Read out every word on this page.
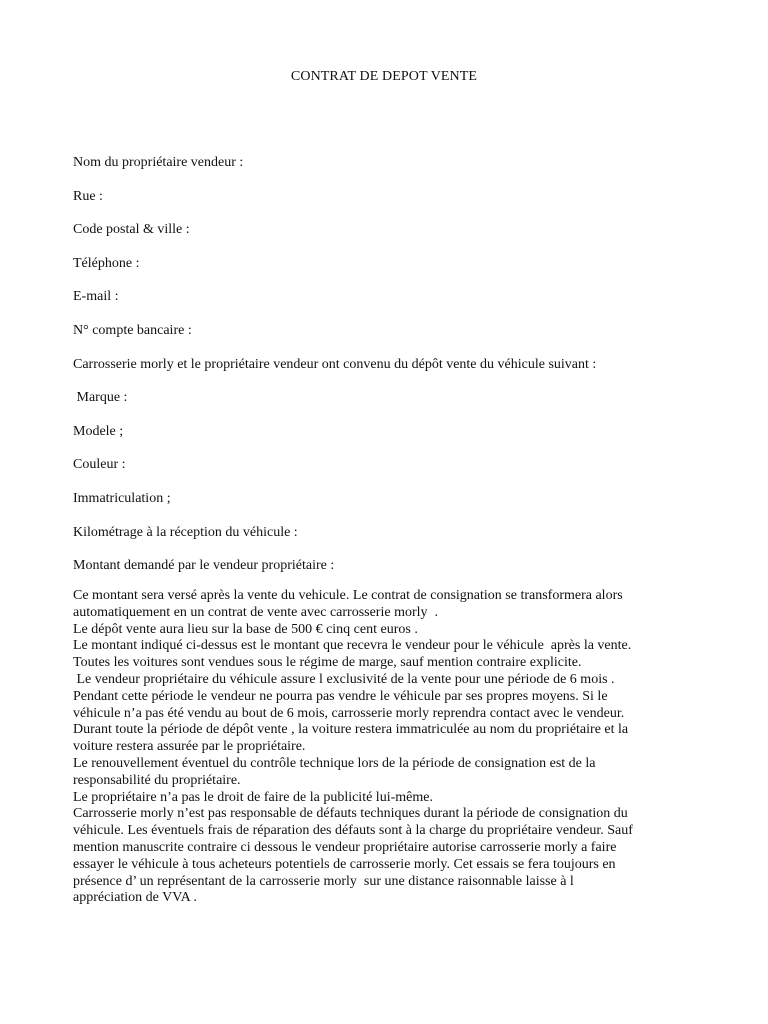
CONTRAT DE DEPOT VENTE
Nom du propriétaire vendeur :
Rue :
Code postal & ville :
Téléphone :
E-mail :
N° compte bancaire :
Carrosserie morly et le propriétaire vendeur ont convenu du dépôt vente du véhicule suivant :
Marque :
Modele ;
Couleur :
Immatriculation ;
Kilométrage à la réception du véhicule :
Montant demandé par le vendeur propriétaire :
Ce montant sera versé après la vente du vehicule. Le contrat de consignation se transformera alors
automatiquement en un contrat de vente avec carrosserie morly  .
Le dépôt vente aura lieu sur la base de 500 € cinq cent euros .
Le montant indiqué ci-dessus est le montant que recevra le vendeur pour le véhicule  après la vente.
Toutes les voitures sont vendues sous le régime de marge, sauf mention contraire explicite.
Le vendeur propriétaire du véhicule assure l exclusivité de la vente pour une période de 6 mois .
Pendant cette période le vendeur ne pourra pas vendre le véhicule par ses propres moyens. Si le
véhicule n’a pas été vendu au bout de 6 mois, carrosserie morly reprendra contact avec le vendeur.
Durant toute la période de dépôt vente , la voiture restera immatriculée au nom du propriétaire et la
voiture restera assurée par le propriétaire.
Le renouvellement éventuel du contrôle technique lors de la période de consignation est de la
responsabilité du propriétaire.
Le propriétaire n’a pas le droit de faire de la publicité lui-même.
Carrosserie morly n’est pas responsable de défauts techniques durant la période de consignation du
véhicule. Les éventuels frais de réparation des défauts sont à la charge du propriétaire vendeur. Sauf
mention manuscrite contraire ci dessous le vendeur propriétaire autorise carrosserie morly a faire
essayer le véhicule à tous acheteurs potentiels de carrosserie morly. Cet essais se fera toujours en
présence d’ un représentant de la carrosserie morly  sur une distance raisonnable laisse à l
appréciation de VVA .
